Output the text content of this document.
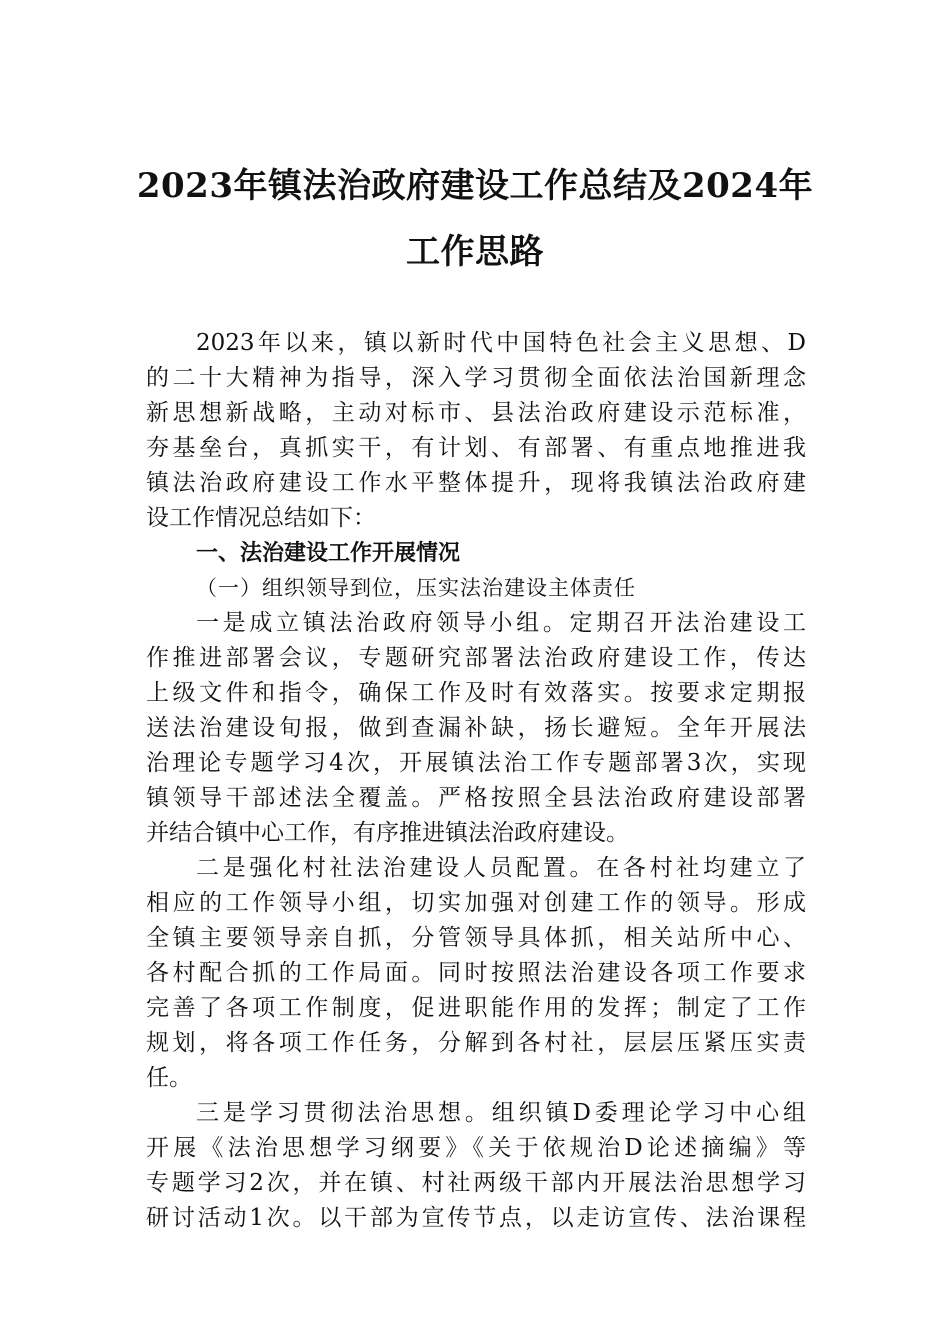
2023年镇法治政府建设工作总结及2024年
工作思路
2023年以来，镇以新时代中国特色社会主义思想、D
的二十大精神为指导，深入学习贯彻全面依法治国新理念
新思想新战略，主动对标市、县法治政府建设示范标准，
夯基垒台，真抓实干，有计划、有部署、有重点地推进我
镇法治政府建设工作水平整体提升，现将我镇法治政府建
设工作情况总结如下：
一、法治建设工作开展情况
（一）组织领导到位，压实法治建设主体责任
一是成立镇法治政府领导小组。定期召开法治建设工
作推进部署会议，专题研究部署法治政府建设工作，传达
上级文件和指令，确保工作及时有效落实。按要求定期报
送法治建设旬报，做到查漏补缺，扬长避短。全年开展法
治理论专题学习4次，开展镇法治工作专题部署3次，实现
镇领导干部述法全覆盖。严格按照全县法治政府建设部署
并结合镇中心工作，有序推进镇法治政府建设。
二是强化村社法治建设人员配置。在各村社均建立了
相应的工作领导小组，切实加强对创建工作的领导。形成
全镇主要领导亲自抓，分管领导具体抓，相关站所中心、
各村配合抓的工作局面。同时按照法治建设各项工作要求
完善了各项工作制度，促进职能作用的发挥；制定了工作
规划，将各项工作任务，分解到各村社，层层压紧压实责
任。
三是学习贯彻法治思想。组织镇D委理论学习中心组
开展《法治思想学习纲要》《关于依规治D论述摘编》等
专题学习2次，并在镇、村社两级干部内开展法治思想学习
研讨活动1次。以干部为宣传节点，以走访宣传、法治课程
